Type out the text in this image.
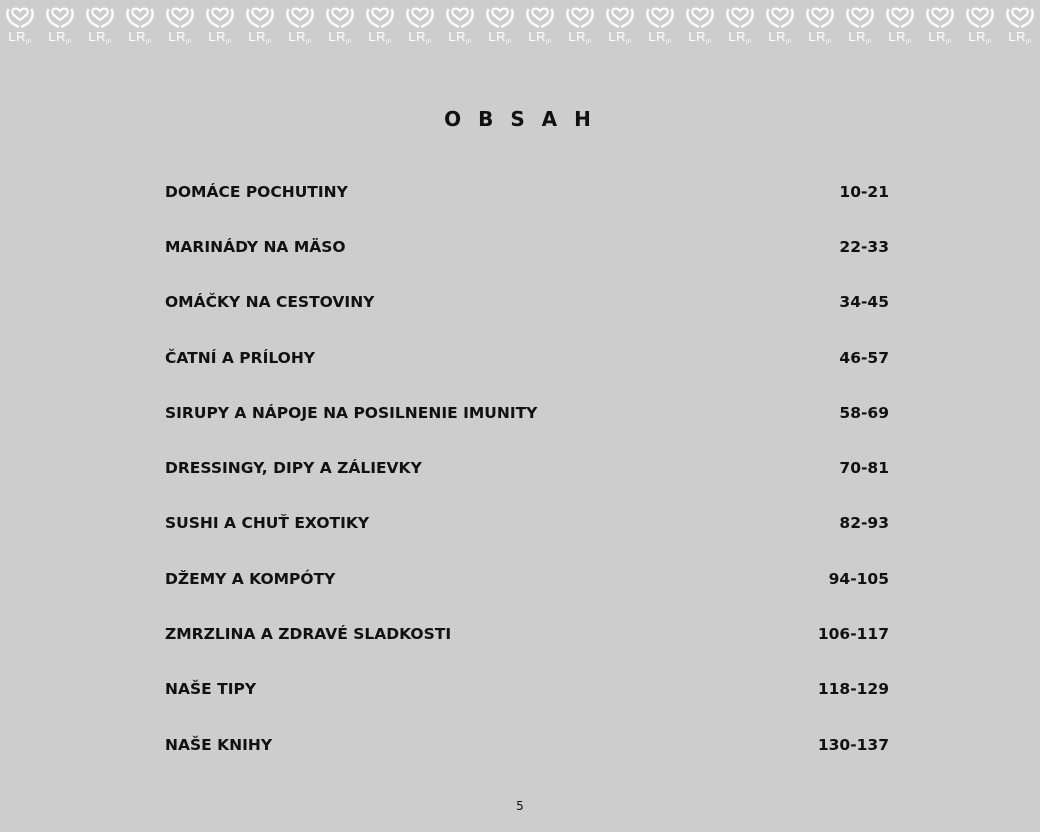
$LR_{pl}$	$LR_{pl}$	$LR_{pl}$	$LR_{pl}$	$LR_{pl}$	$LR_{pl}$	$LR_{pl}$	$LR_{pl}$	$LR_{pl}$	$LR_{pl}$	$LR_{pl}$	$LR_{pl}$	$LR_{pl}$	$LR_{pl}$	$LR_{pl}$	$LR_{pl}$	$LR_{pl}$	$LR_{pl}$	$LR_{pl}$	$LR_{pl}$	$LR_{pl}$	$LR_{pl}$	$LR_{pl}$	$LR_{pl}$	$LR_{pl}$	$LR_{pl}$
O B S A H
DOMÁCE POCHUTINY	10-21
MARINÁDY NA MÄSO	22-33
OMÁČKY NA CESTOVINY	34-45
ČATNÍ A PRÍLOHY	46-57
SIRUPY A NÁPOJE NA POSILNENIE IMUNITY	58-69
DRESSINGY, DIPY A ZÁLIEVKY	70-81
SUSHI A CHUŤ EXOTIKY	82-93
DŽEMY A KOMPÓTY	94-105
ZMRZLINA A ZDRAVÉ SLADKOSTI	106-117
NAŠE TIPY	118-129
NAŠE KNIHY	130-137
5
